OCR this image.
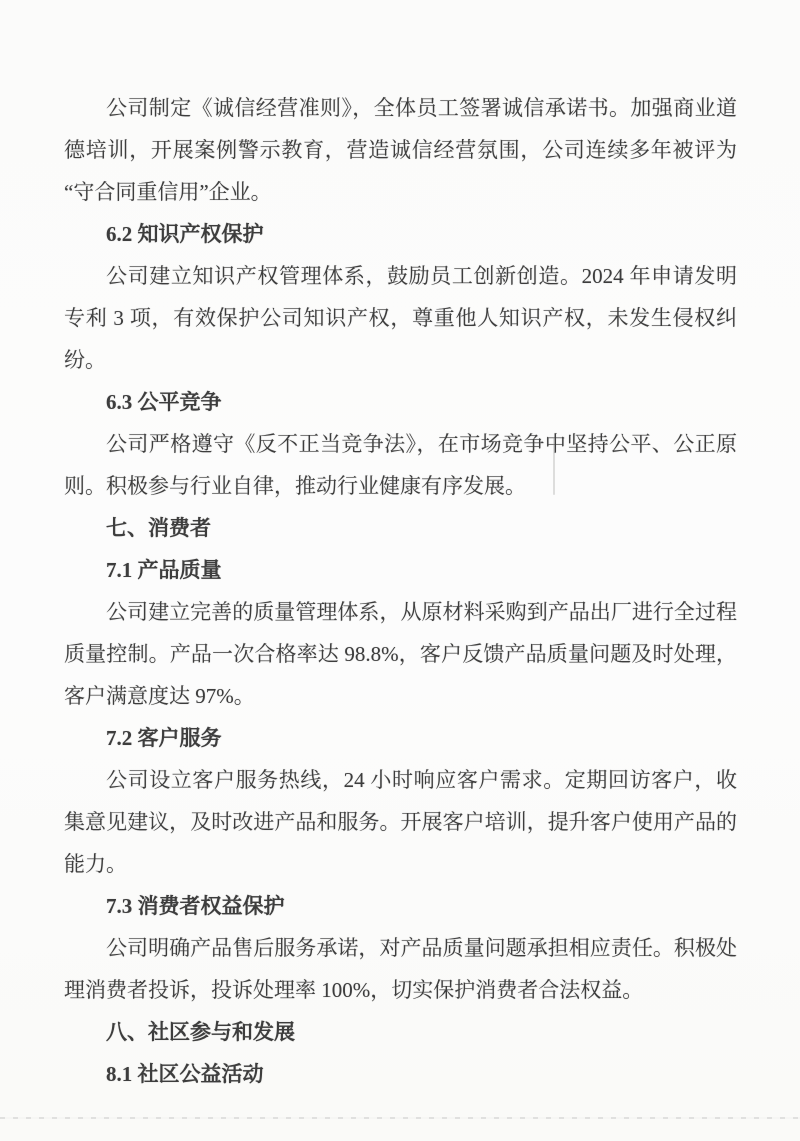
公司制定《诚信经营准则》，全体员工签署诚信承诺书。加强商业道德培训，开展案例警示教育，营造诚信经营氛围，公司连续多年被评为“守合同重信用”企业。

6.2 知识产权保护

公司建立知识产权管理体系，鼓励员工创新创造。2024 年申请发明专利 3 项，有效保护公司知识产权，尊重他人知识产权，未发生侵权纠纷。

6.3 公平竞争

公司严格遵守《反不正当竞争法》，在市场竞争中坚持公平、公正原则。积极参与行业自律，推动行业健康有序发展。

七、消费者
7.1 产品质量

公司建立完善的质量管理体系，从原材料采购到产品出厂进行全过程质量控制。产品一次合格率达 98.8%，客户反馈产品质量问题及时处理，客户满意度达 97%。

7.2 客户服务

公司设立客户服务热线，24 小时响应客户需求。定期回访客户，收集意见建议，及时改进产品和服务。开展客户培训，提升客户使用产品的能力。

7.3 消费者权益保护

公司明确产品售后服务承诺，对产品质量问题承担相应责任。积极处理消费者投诉，投诉处理率 100%，切实保护消费者合法权益。

八、社区参与和发展
8.1 社区公益活动
